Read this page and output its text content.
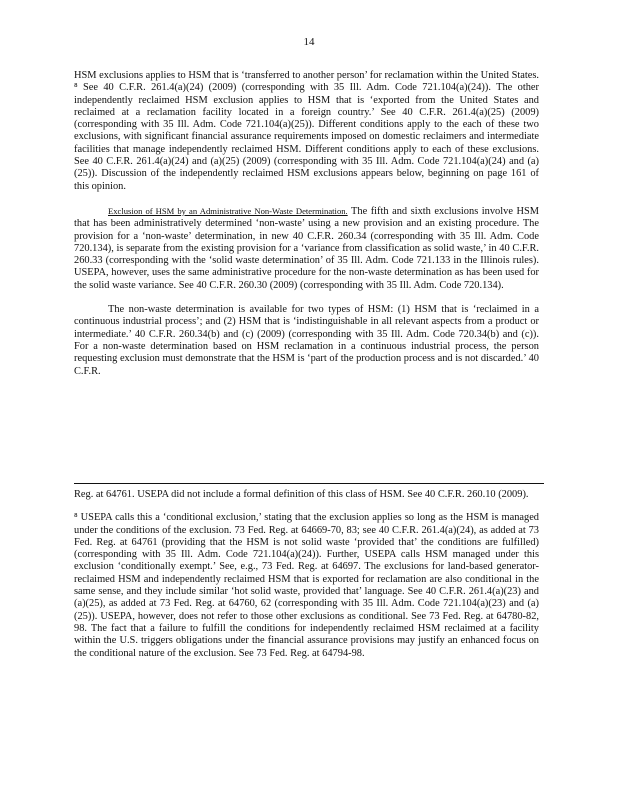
14

HSM exclusions applies to HSM that is ‘transferred to another person’ for reclamation within the United States. ⁸ See 40 C.F.R. 261.4(a)(24) (2009) (corresponding with 35 Ill. Adm. Code 721.104(a)(24)). The other independently reclaimed HSM exclusion applies to HSM that is ‘exported from the United States and reclaimed at a reclamation facility located in a foreign country.’ See 40 C.F.R. 261.4(a)(25) (2009) (corresponding with 35 Ill. Adm. Code 721.104(a)(25)). Different conditions apply to the each of these two exclusions, with significant financial assurance requirements imposed on domestic reclaimers and intermediate facilities that manage independently reclaimed HSM. Different conditions apply to each of these exclusions. See 40 C.F.R. 261.4(a)(24) and (a)(25) (2009) (corresponding with 35 Ill. Adm. Code 721.104(a)(24) and (a)(25)). Discussion of the independently reclaimed HSM exclusions appears below, beginning on page 161 of this opinion.

Exclusion of HSM by an Administrative Non-Waste Determination. The fifth and sixth exclusions involve HSM that has been administratively determined ‘non-waste’ using a new provision and an existing procedure. The provision for a ‘non-waste’ determination, in new 40 C.F.R. 260.34 (corresponding with 35 Ill. Adm. Code 720.134), is separate from the existing provision for a ‘variance from classification as solid waste,’ in 40 C.F.R. 260.33 (corresponding with the ‘solid waste determination’ of 35 Ill. Adm. Code 721.133 in the Illinois rules). USEPA, however, uses the same administrative procedure for the non-waste determination as has been used for the solid waste variance. See 40 C.F.R. 260.30 (2009) (corresponding with 35 Ill. Adm. Code 720.134).

The non-waste determination is available for two types of HSM: (1) HSM that is ‘reclaimed in a continuous industrial process’; and (2) HSM that is ‘indistinguishable in all relevant aspects from a product or intermediate.’ 40 C.F.R. 260.34(b) and (c) (2009) (corresponding with 35 Ill. Adm. Code 720.34(b) and (c)). For a non-waste determination based on HSM reclamation in a continuous industrial process, the person requesting exclusion must demonstrate that the HSM is ‘part of the production process and is not discarded.’ 40 C.F.R.

Reg. at 64761. USEPA did not include a formal definition of this class of HSM. See 40 C.F.R. 260.10 (2009).

⁸ USEPA calls this a ‘conditional exclusion,’ stating that the exclusion applies so long as the HSM is managed under the conditions of the exclusion. 73 Fed. Reg. at 64669-70, 83; see 40 C.F.R. 261.4(a)(24), as added at 73 Fed. Reg. at 64761 (providing that the HSM is not solid waste ‘provided that’ the conditions are fulfilled) (corresponding with 35 Ill. Adm. Code 721.104(a)(24)). Further, USEPA calls HSM managed under this exclusion ‘conditionally exempt.’ See, e.g., 73 Fed. Reg. at 64697. The exclusions for land-based generator-reclaimed HSM and independently reclaimed HSM that is exported for reclamation are also conditional in the same sense, and they include similar ‘hot solid waste, provided that’ language. See 40 C.F.R. 261.4(a)(23) and (a)(25), as added at 73 Fed. Reg. at 64760, 62 (corresponding with 35 Ill. Adm. Code 721.104(a)(23) and (a)(25)). USEPA, however, does not refer to those other exclusions as conditional. See 73 Fed. Reg. at 64780-82, 98. The fact that a failure to fulfill the conditions for independently reclaimed HSM reclaimed at a facility within the U.S. triggers obligations under the financial assurance provisions may justify an enhanced focus on the conditional nature of the exclusion. See 73 Fed. Reg. at 64794-98.
